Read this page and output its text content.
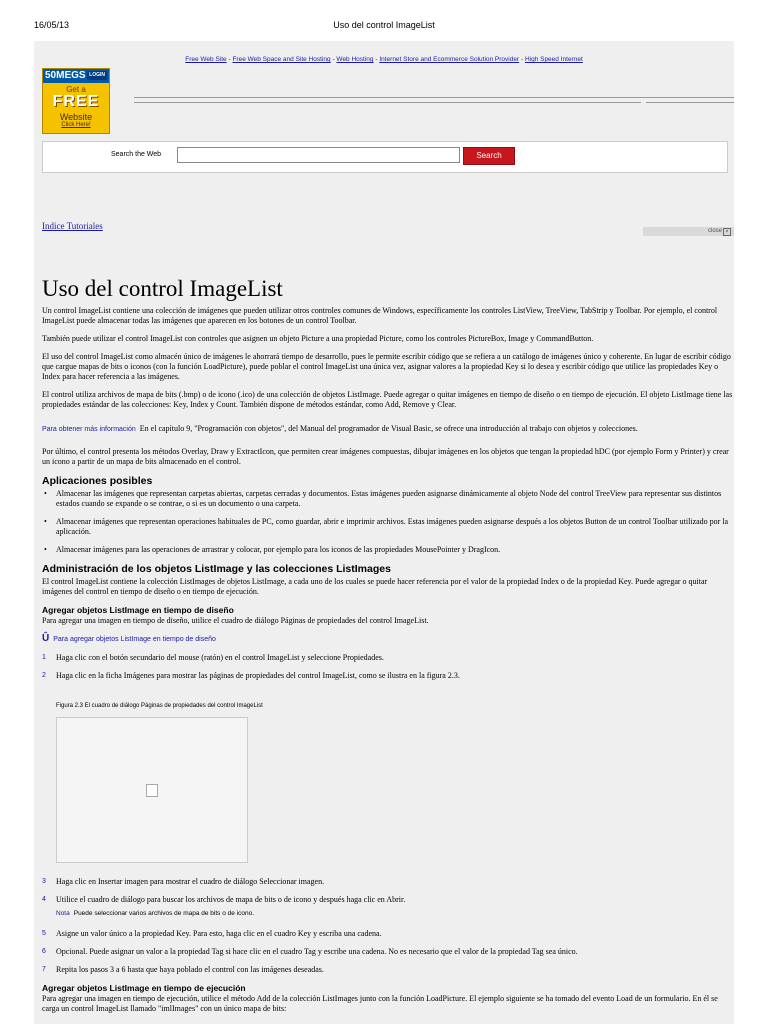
16/05/13	Uso del control ImageList
Free Web Site - Free Web Space and Site Hosting - Web Hosting - Internet Store and Ecommerce Solution Provider - High Speed Internet
50MEGS LOGIN
Get a
FREE
Website
Click Here!
Search the Web	Search
Indice Tutoriales	close ×
Uso del control ImageList

Un control ImageList contiene una colección de imágenes que pueden utilizar otros controles comunes de Windows, específicamente los controles ListView, TreeView, TabStrip y Toolbar. Por ejemplo, el control ImageList puede almacenar todas las imágenes que aparecen en los botones de un control Toolbar.

También puede utilizar el control ImageList con controles que asignen un objeto Picture a una propiedad Picture, como los controles PictureBox, Image y CommandButton.

El uso del control ImageList como almacén único de imágenes le ahorrará tiempo de desarrollo, pues le permite escribir código que se refiera a un catálogo de imágenes único y coherente. En lugar de escribir código que cargue mapas de bits o iconos (con la función LoadPicture), puede poblar el control ImageList una única vez, asignar valores a la propiedad Key si lo desea y escribir código que utilice las propiedades Key o Index para hacer referencia a las imágenes.

El control utiliza archivos de mapa de bits (.bmp) o de icono (.ico) de una colección de objetos ListImage. Puede agregar o quitar imágenes en tiempo de diseño o en tiempo de ejecución. El objeto ListImage tiene las propiedades estándar de las colecciones: Key, Index y Count. También dispone de métodos estándar, como Add, Remove y Clear.

Para obtener más información En el capítulo 9, "Programación con objetos", del Manual del programador de Visual Basic, se ofrece una introducción al trabajo con objetos y colecciones.

Por último, el control presenta los métodos Overlay, Draw y ExtractIcon, que permiten crear imágenes compuestas, dibujar imágenes en los objetos que tengan la propiedad hDC (por ejemplo Form y Printer) y crear un icono a partir de un mapa de bits almacenado en el control.

Aplicaciones posibles
• Almacenar las imágenes que representan carpetas abiertas, carpetas cerradas y documentos. Estas imágenes pueden asignarse dinámicamente al objeto Node del control TreeView para representar sus distintos estados cuando se expande o se contrae, o si es un documento o una carpeta.
• Almacenar imágenes que representan operaciones habituales de PC, como guardar, abrir e imprimir archivos. Estas imágenes pueden asignarse después a los objetos Button de un control Toolbar utilizado por la aplicación.
• Almacenar imágenes para las operaciones de arrastrar y colocar, por ejemplo para los iconos de las propiedades MousePointer y DragIcon.
Administración de los objetos ListImage y las colecciones ListImages

El control ImageList contiene la colección ListImages de objetos ListImage, a cada uno de los cuales se puede hacer referencia por el valor de la propiedad Index o de la propiedad Key. Puede agregar o quitar imágenes del control en tiempo de diseño o en tiempo de ejecución.

Agregar objetos ListImage en tiempo de diseño

Para agregar una imagen en tiempo de diseño, utilice el cuadro de diálogo Páginas de propiedades del control ImageList.

Û Para agregar objetos ListImage en tiempo de diseño
1 Haga clic con el botón secundario del mouse (ratón) en el control ImageList y seleccione Propiedades.
2 Haga clic en la ficha Imágenes para mostrar las páginas de propiedades del control ImageList, como se ilustra en la figura 2.3.
Figura 2.3 El cuadro de diálogo Páginas de propiedades del control ImageList
3 Haga clic en Insertar imagen para mostrar el cuadro de diálogo Seleccionar imagen.
4 Utilice el cuadro de diálogo para buscar los archivos de mapa de bits o de icono y después haga clic en Abrir.
Nota Puede seleccionar varios archivos de mapa de bits o de icono.
5 Asigne un valor único a la propiedad Key. Para esto, haga clic en el cuadro Key y escriba una cadena.
6 Opcional. Puede asignar un valor a la propiedad Tag si hace clic en el cuadro Tag y escribe una cadena. No es necesario que el valor de la propiedad Tag sea único.
7 Repita los pasos 3 a 6 hasta que haya poblado el control con las imágenes deseadas.
Agregar objetos ListImage en tiempo de ejecución

Para agregar una imagen en tiempo de ejecución, utilice el método Add de la colección ListImages junto con la función LoadPicture. El ejemplo siguiente se ha tomado del evento Load de un formulario. En él se carga un control ImageList llamado "imlImages" con un único mapa de bits:
